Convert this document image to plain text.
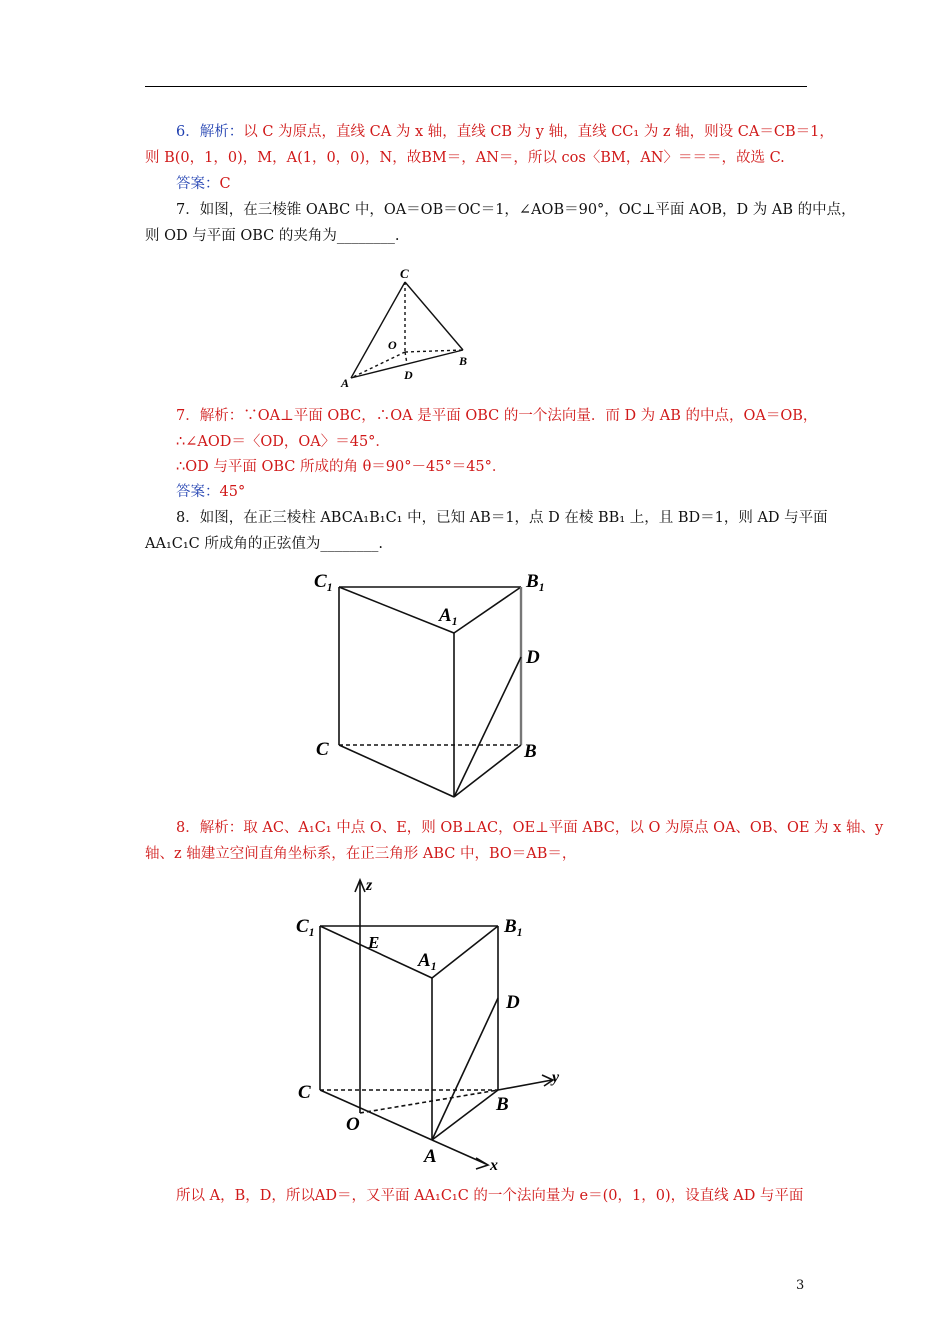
6．解析：以 C 为原点，直线 CA 为 x 轴，直线 CB 为 y 轴，直线 CC₁ 为 z 轴，则设 CA＝CB＝1，
则 B(0，1，0)，M，A(1，0，0)，N，故BM＝，AN＝，所以 cos〈BM，AN〉＝＝＝，故选 C.
答案：C
7．如图，在三棱锥 OABC 中，OA＝OB＝OC＝1，∠AOB＝90°，OC⊥平面 AOB，D 为 AB 的中点，
则 OD 与平面 OBC 的夹角为________.
C
O
B
D
A
7．解析：∵OA⊥平面 OBC，∴OA 是平面 OBC 的一个法向量．而 D 为 AB 的中点，OA＝OB，
∴∠AOD＝〈OD，OA〉＝45°．
∴OD 与平面 OBC 所成的角 θ＝90°－45°＝45°．
答案：45°
8．如图，在正三棱柱 ABCA₁B₁C₁ 中，已知 AB＝1，点 D 在棱 BB₁ 上，且 BD＝1，则 AD 与平面
AA₁C₁C 所成角的正弦值为________.
C₁	B₁
A₁
D
C	B
8．解析：取 AC、A₁C₁ 中点 O、E，则 OB⊥AC，OE⊥平面 ABC，以 O 为原点 OA、OB、OE 为 x 轴、y
轴、z 轴建立空间直角坐标系，在正三角形 ABC 中，BO＝AB＝，
z
C₁
E
B₁
A₁
D
y
C
B
O
A	x
所以 A，B，D，所以AD＝，又平面 AA₁C₁C 的一个法向量为 e＝(0，1，0)，设直线 AD 与平面
3
